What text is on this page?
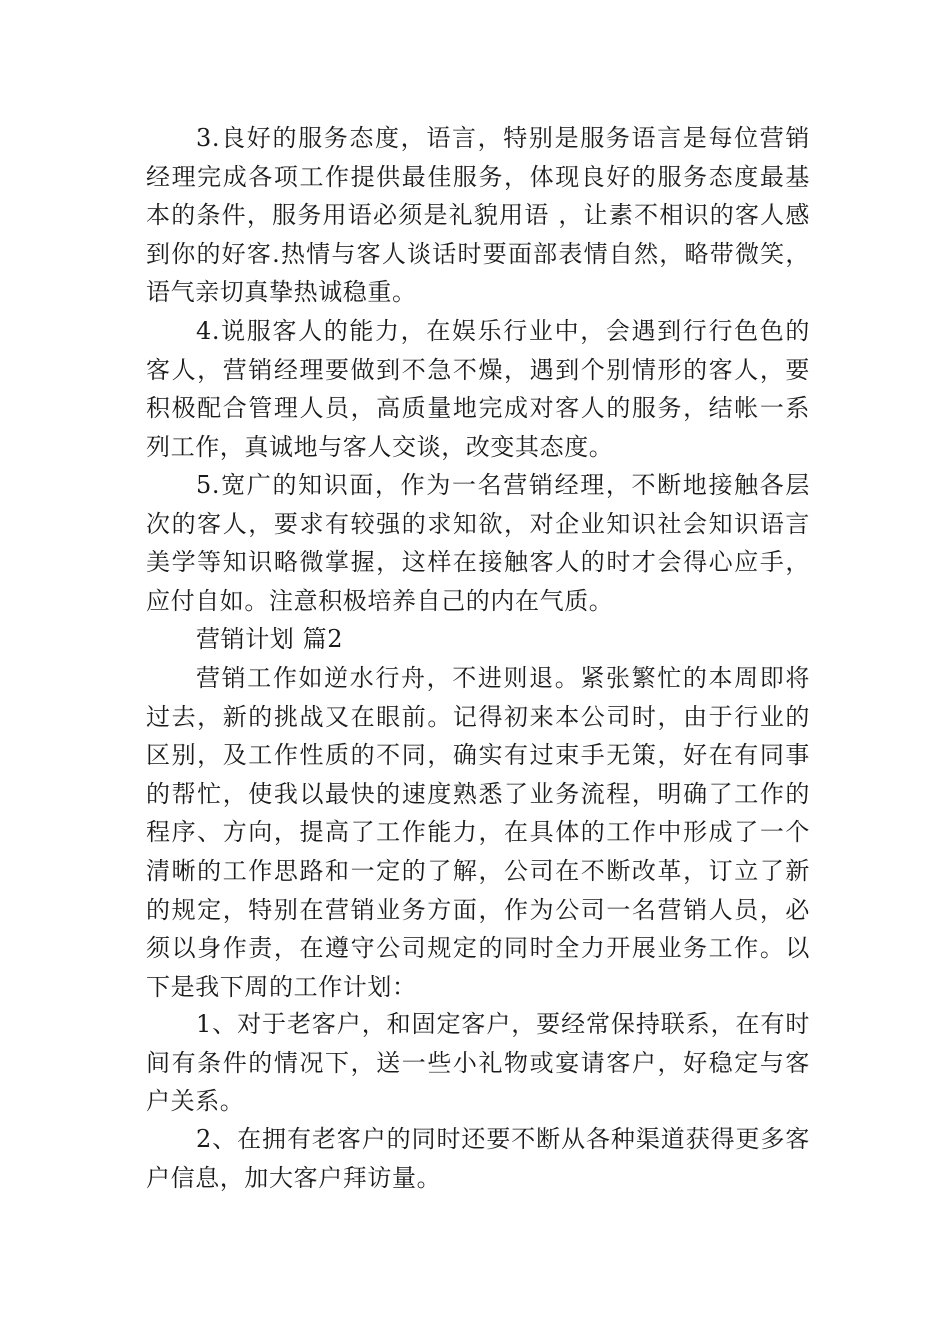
3.良好的服务态度，语言，特别是服务语言是每位营销经理完成各项工作提供最佳服务，体现良好的服务态度最基本的条件，服务用语必须是礼貌用语 ，让素不相识的客人感到你的好客.热情与客人谈话时要面部表情自然，略带微笑，语气亲切真挚热诚稳重。

4.说服客人的能力，在娱乐行业中，会遇到行行色色的客人，营销经理要做到不急不燥，遇到个别情形的客人，要积极配合管理人员，高质量地完成对客人的服务，结帐一系列工作，真诚地与客人交谈，改变其态度。

5.宽广的知识面，作为一名营销经理，不断地接触各层次的客人，要求有较强的求知欲，对企业知识社会知识语言美学等知识略微掌握，这样在接触客人的时才会得心应手，应付自如。注意积极培养自己的内在气质。

营销计划 篇2

营销工作如逆水行舟，不进则退。紧张繁忙的本周即将过去，新的挑战又在眼前。记得初来本公司时，由于行业的区别，及工作性质的不同，确实有过束手无策，好在有同事的帮忙，使我以最快的速度熟悉了业务流程，明确了工作的程序、方向，提高了工作能力，在具体的工作中形成了一个清晰的工作思路和一定的了解，公司在不断改革，订立了新的规定，特别在营销业务方面，作为公司一名营销人员，必须以身作责，在遵守公司规定的同时全力开展业务工作。以下是我下周的工作计划：

1、对于老客户，和固定客户，要经常保持联系，在有时间有条件的情况下，送一些小礼物或宴请客户，好稳定与客户关系。

2、在拥有老客户的同时还要不断从各种渠道获得更多客户信息，加大客户拜访量。
